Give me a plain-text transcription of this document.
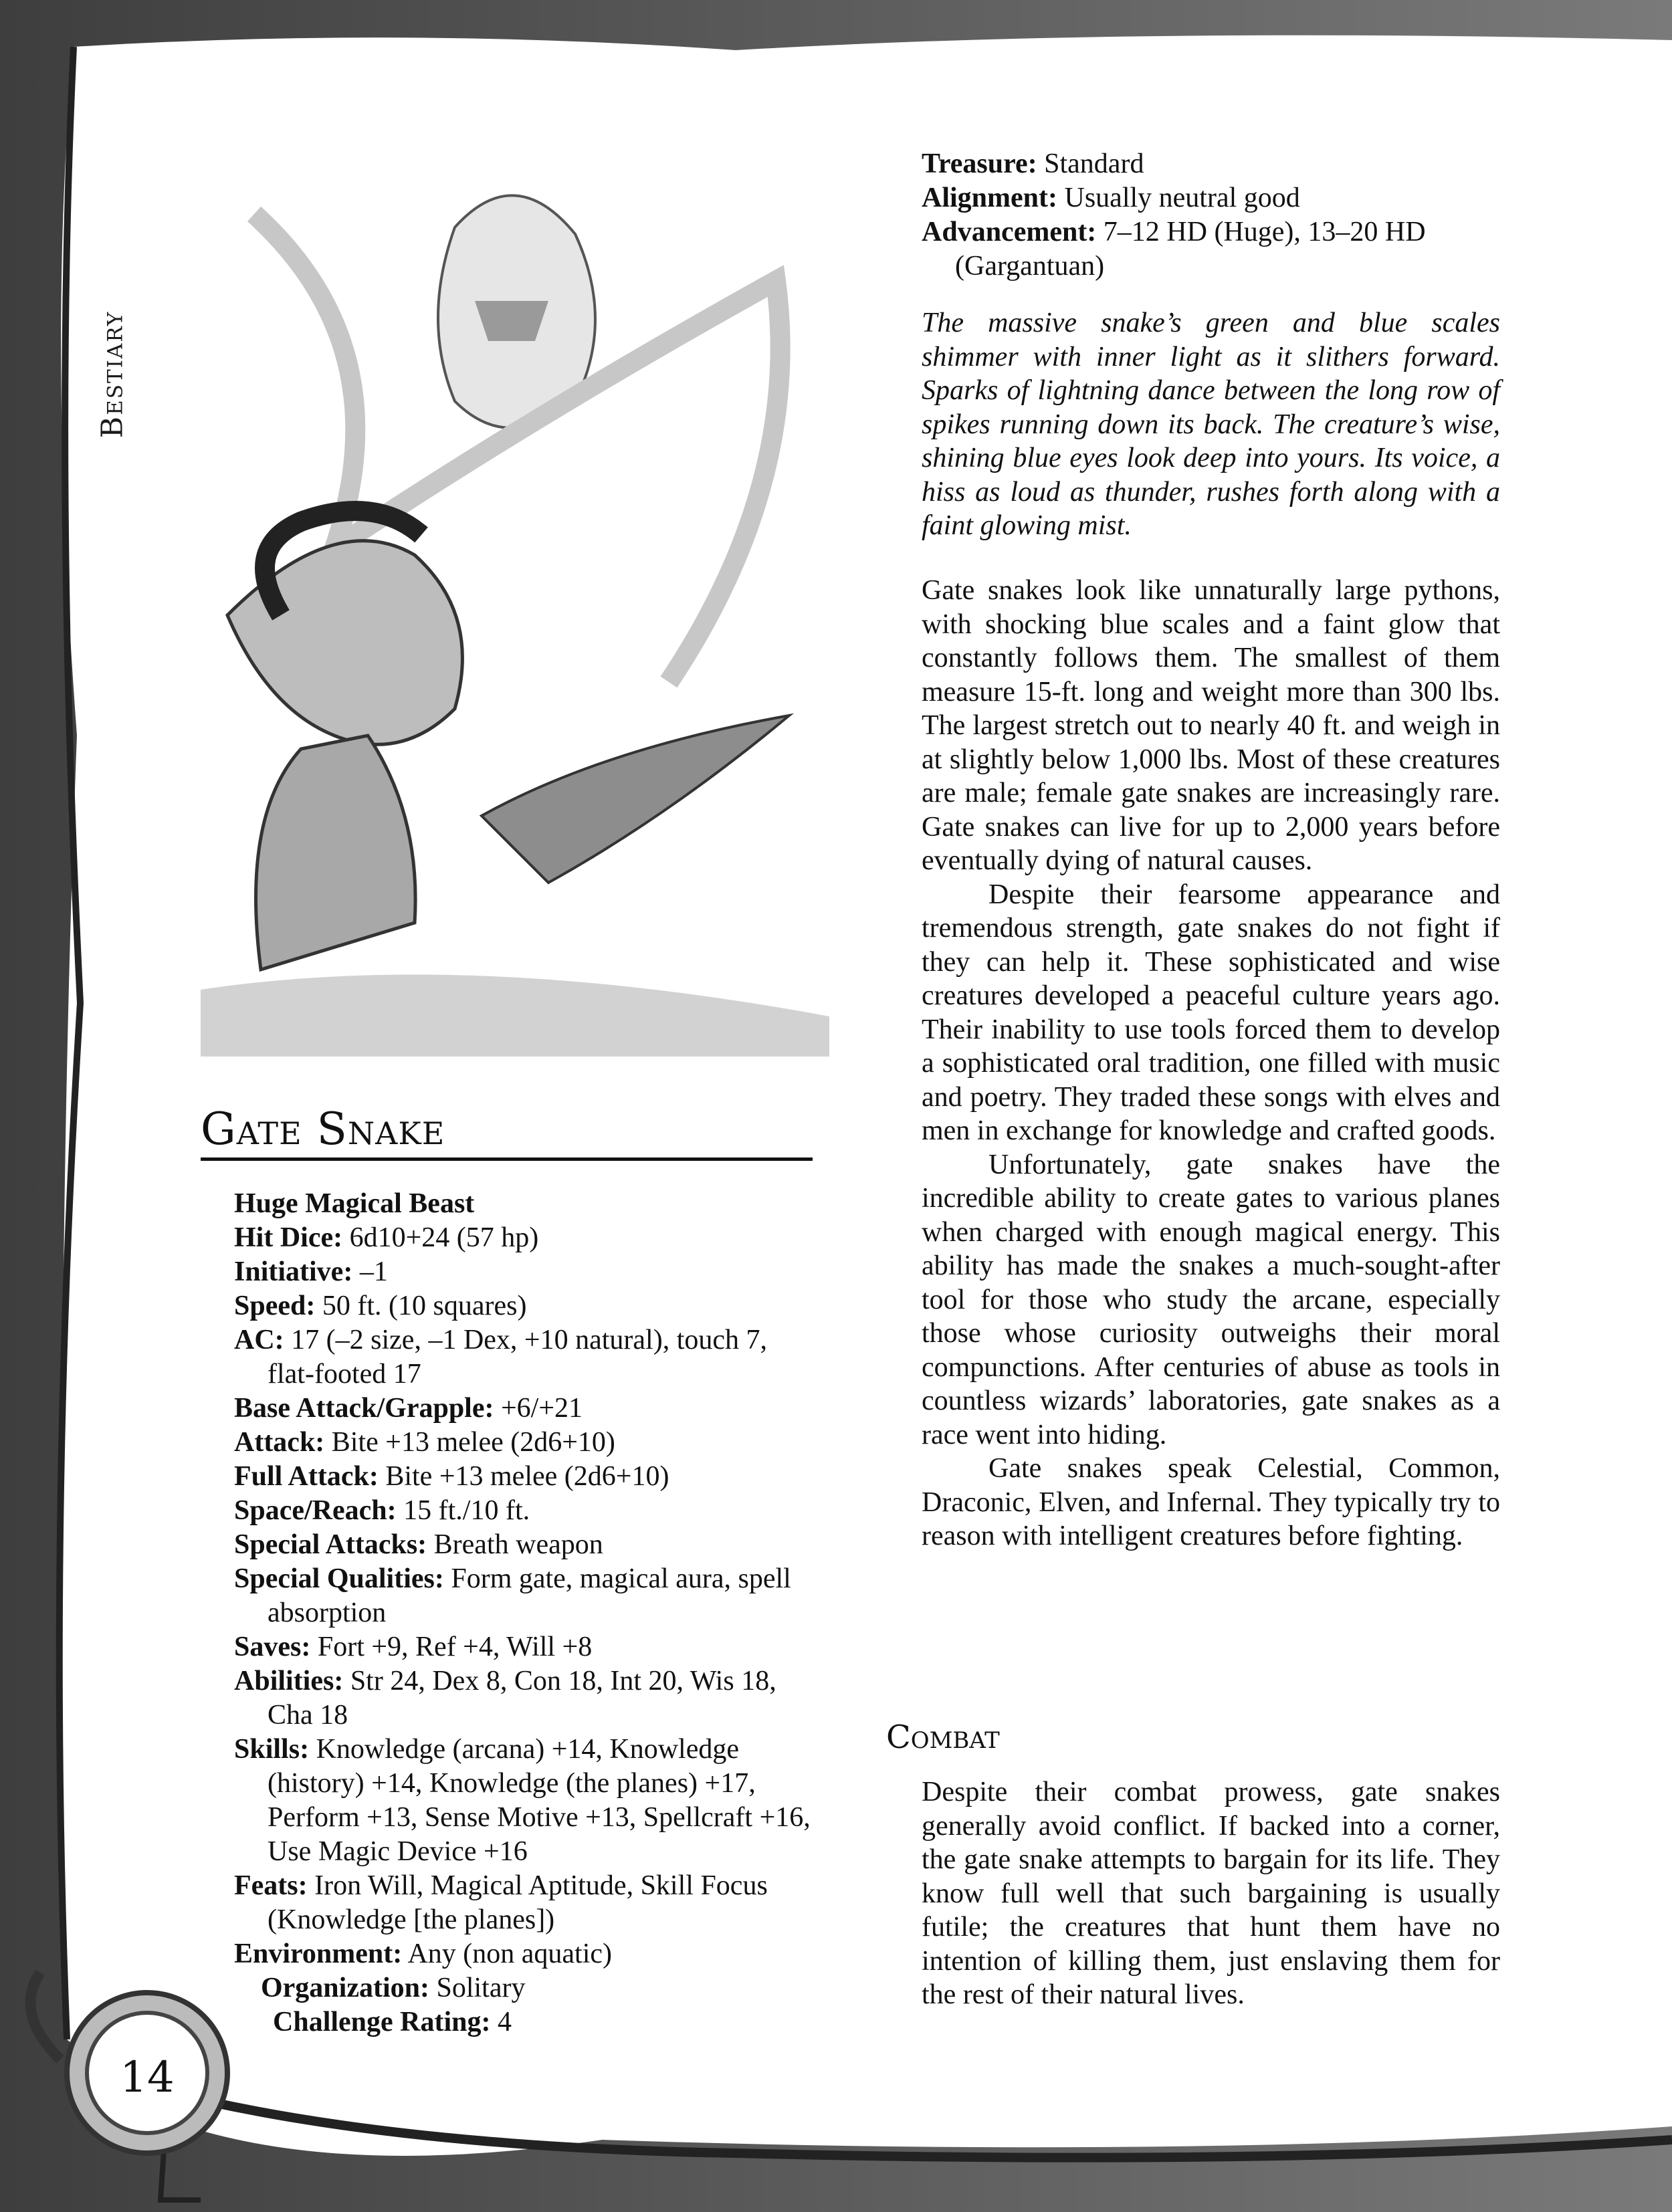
Bestiary
Gate Snake
Huge Magical Beast
Hit Dice: 6d10+24 (57 hp)
Initiative: –1
Speed: 50 ft. (10 squares)
AC: 17 (–2 size, –1 Dex, +10 natural), touch 7, flat-footed 17
Base Attack/Grapple: +6/+21
Attack: Bite +13 melee (2d6+10)
Full Attack: Bite +13 melee (2d6+10)
Space/Reach: 15 ft./10 ft.
Special Attacks: Breath weapon
Special Qualities: Form gate, magical aura, spell absorption
Saves: Fort +9, Ref +4, Will +8
Abilities: Str 24, Dex 8, Con 18, Int 20, Wis 18, Cha 18
Skills: Knowledge (arcana) +14, Knowledge (history) +14, Knowledge (the planes) +17, Perform +13, Sense Motive +13, Spellcraft +16, Use Magic Device +16
Feats: Iron Will, Magical Aptitude, Skill Focus (Knowledge [the planes])
Environment: Any (non aquatic)
Organization: Solitary
Challenge Rating: 4
Treasure: Standard
Alignment: Usually neutral good
Advancement: 7–12 HD (Huge), 13–20 HD (Gargantuan)
The massive snake’s green and blue scales shimmer with inner light as it slithers forward. Sparks of lightning dance between the long row of spikes running down its back. The creature’s wise, shining blue eyes look deep into yours. Its voice, a hiss as loud as thunder, rushes forth along with a faint glowing mist.

Gate snakes look like unnaturally large pythons, with shocking blue scales and a faint glow that constantly follows them. The smallest of them measure 15-ft. long and weight more than 300 lbs. The largest stretch out to nearly 40 ft. and weigh in at slightly below 1,000 lbs. Most of these creatures are male; female gate snakes are increasingly rare. Gate snakes can live for up to 2,000 years before eventually dying of natural causes.

Despite their fearsome appearance and tremendous strength, gate snakes do not fight if they can help it. These sophisticated and wise creatures developed a peaceful culture years ago. Their inability to use tools forced them to develop a sophisticated oral tradition, one filled with music and poetry. They traded these songs with elves and men in exchange for knowledge and crafted goods.

Unfortunately, gate snakes have the incredible ability to create gates to various planes when charged with enough magical energy. This ability has made the snakes a much-sought-after tool for those who study the arcane, especially those whose curiosity outweighs their moral compunctions. After centuries of abuse as tools in countless wizards’ laboratories, gate snakes as a race went into hiding.

Gate snakes speak Celestial, Common, Draconic, Elven, and Infernal. They typically try to reason with intelligent creatures before fighting.

Combat
Despite their combat prowess, gate snakes generally avoid conflict. If backed into a corner, the gate snake attempts to bargain for its life. They know full well that such bargaining is usually futile; the creatures that hunt them have no intention of killing them, just enslaving them for the rest of their natural lives.
14
